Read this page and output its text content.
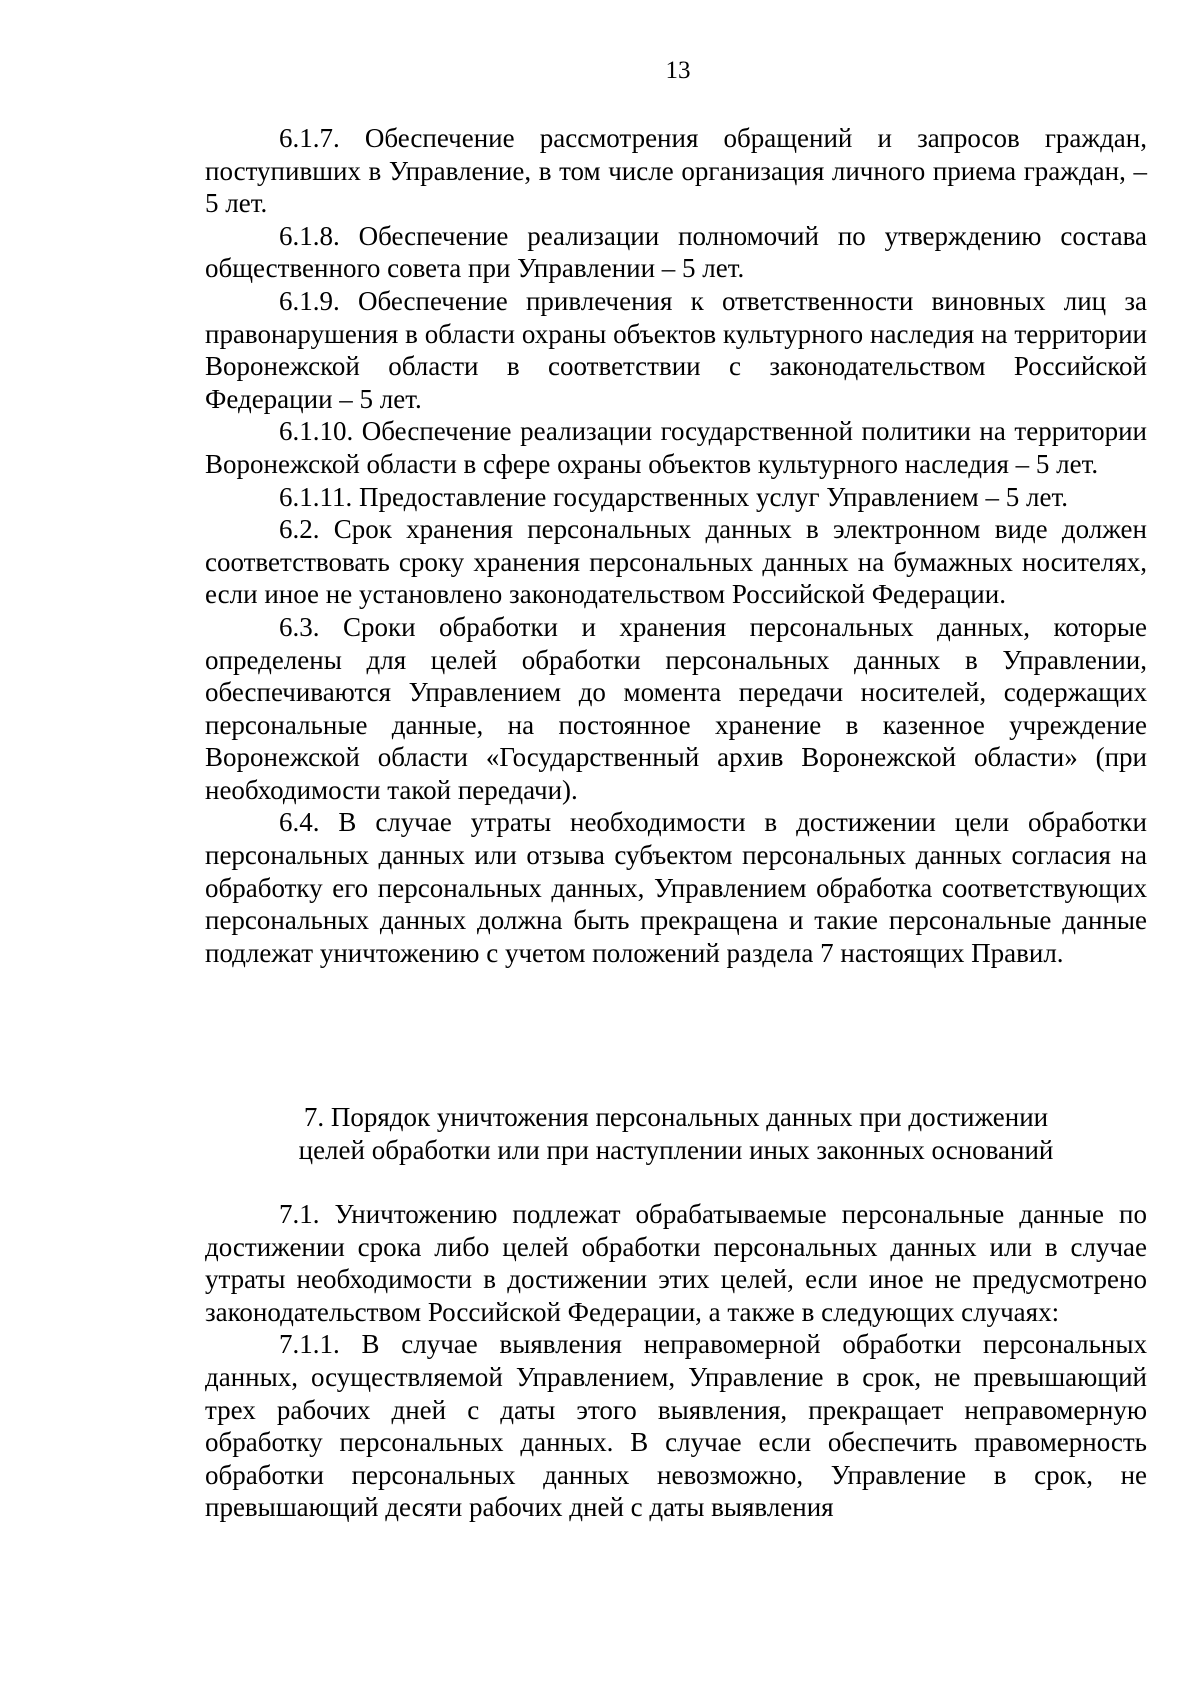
13

6.1.7. Обеспечение рассмотрения обращений и запросов граждан, поступивших в Управление, в том числе организация личного приема граждан, – 5 лет.

6.1.8. Обеспечение реализации полномочий по утверждению состава общественного совета при Управлении – 5 лет.

6.1.9. Обеспечение привлечения к ответственности виновных лиц за правонарушения в области охраны объектов культурного наследия на территории Воронежской области в соответствии с законодательством Российской Федерации – 5 лет.

6.1.10. Обеспечение реализации государственной политики на территории Воронежской области в сфере охраны объектов культурного наследия – 5 лет.

6.1.11. Предоставление государственных услуг Управлением – 5 лет.

6.2. Срок хранения персональных данных в электронном виде должен соответствовать сроку хранения персональных данных на бумажных носителях, если иное не установлено законодательством Российской Федерации.

6.3. Сроки обработки и хранения персональных данных, которые определены для целей обработки персональных данных в Управлении, обеспечиваются Управлением до момента передачи носителей, содержащих персональные данные, на постоянное хранение в казенное учреждение Воронежской области «Государственный архив Воронежской области» (при необходимости такой передачи).

6.4. В случае утраты необходимости в достижении цели обработки персональных данных или отзыва субъектом персональных данных согласия на обработку его персональных данных, Управлением обработка соответствующих персональных данных должна быть прекращена и такие персональные данные подлежат уничтожению с учетом положений раздела 7 настоящих Правил.

7. Порядок уничтожения персональных данных при достижении
целей обработки или при наступлении иных законных оснований

7.1. Уничтожению подлежат обрабатываемые персональные данные по достижении срока либо целей обработки персональных данных или в случае утраты необходимости в достижении этих целей, если иное не предусмотрено законодательством Российской Федерации, а также в следующих случаях:

7.1.1. В случае выявления неправомерной обработки персональных данных, осуществляемой Управлением, Управление в срок, не превышающий трех рабочих дней с даты этого выявления, прекращает неправомерную обработку персональных данных. В случае если обеспечить правомерность обработки персональных данных невозможно, Управление в срок, не превышающий десяти рабочих дней с даты выявления
